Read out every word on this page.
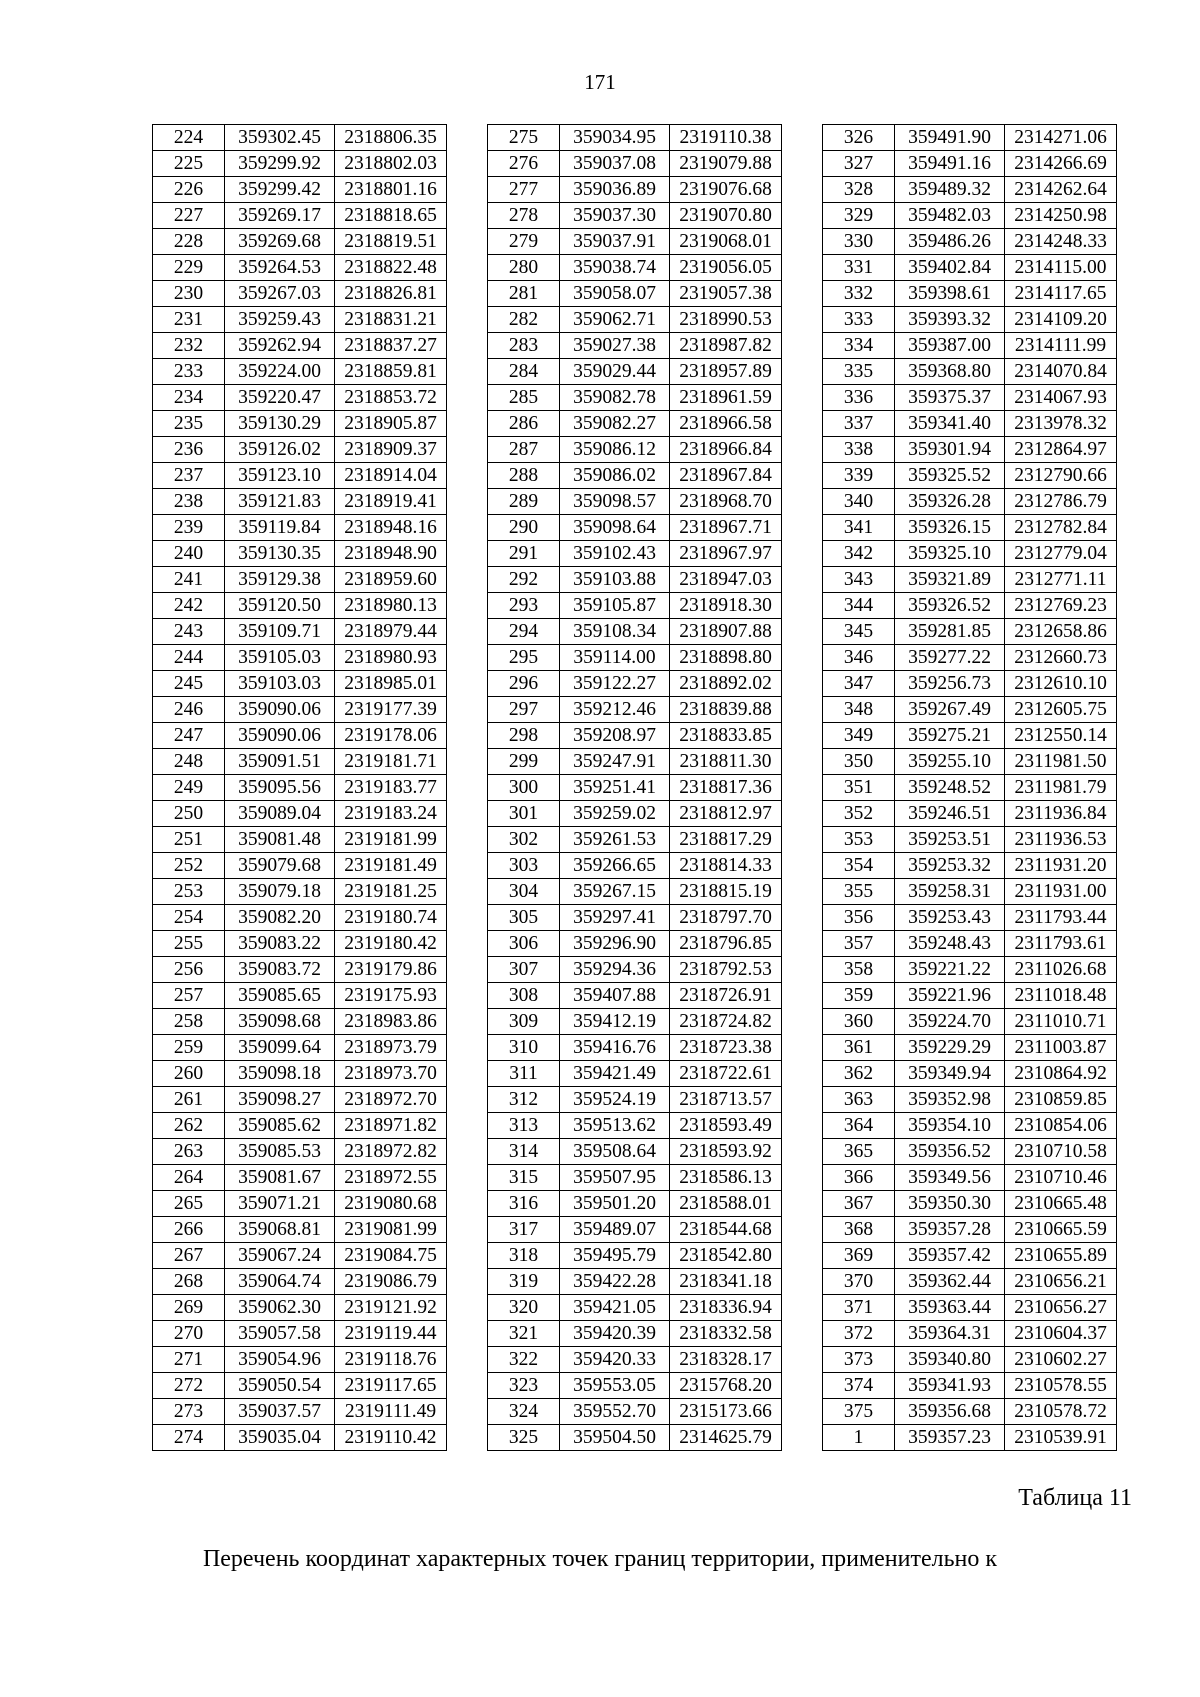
171
224	359302.45	2318806.35
225	359299.92	2318802.03
226	359299.42	2318801.16
227	359269.17	2318818.65
228	359269.68	2318819.51
229	359264.53	2318822.48
230	359267.03	2318826.81
231	359259.43	2318831.21
232	359262.94	2318837.27
233	359224.00	2318859.81
234	359220.47	2318853.72
235	359130.29	2318905.87
236	359126.02	2318909.37
237	359123.10	2318914.04
238	359121.83	2318919.41
239	359119.84	2318948.16
240	359130.35	2318948.90
241	359129.38	2318959.60
242	359120.50	2318980.13
243	359109.71	2318979.44
244	359105.03	2318980.93
245	359103.03	2318985.01
246	359090.06	2319177.39
247	359090.06	2319178.06
248	359091.51	2319181.71
249	359095.56	2319183.77
250	359089.04	2319183.24
251	359081.48	2319181.99
252	359079.68	2319181.49
253	359079.18	2319181.25
254	359082.20	2319180.74
255	359083.22	2319180.42
256	359083.72	2319179.86
257	359085.65	2319175.93
258	359098.68	2318983.86
259	359099.64	2318973.79
260	359098.18	2318973.70
261	359098.27	2318972.70
262	359085.62	2318971.82
263	359085.53	2318972.82
264	359081.67	2318972.55
265	359071.21	2319080.68
266	359068.81	2319081.99
267	359067.24	2319084.75
268	359064.74	2319086.79
269	359062.30	2319121.92
270	359057.58	2319119.44
271	359054.96	2319118.76
272	359050.54	2319117.65
273	359037.57	2319111.49
274	359035.04	2319110.42
275	359034.95	2319110.38
276	359037.08	2319079.88
277	359036.89	2319076.68
278	359037.30	2319070.80
279	359037.91	2319068.01
280	359038.74	2319056.05
281	359058.07	2319057.38
282	359062.71	2318990.53
283	359027.38	2318987.82
284	359029.44	2318957.89
285	359082.78	2318961.59
286	359082.27	2318966.58
287	359086.12	2318966.84
288	359086.02	2318967.84
289	359098.57	2318968.70
290	359098.64	2318967.71
291	359102.43	2318967.97
292	359103.88	2318947.03
293	359105.87	2318918.30
294	359108.34	2318907.88
295	359114.00	2318898.80
296	359122.27	2318892.02
297	359212.46	2318839.88
298	359208.97	2318833.85
299	359247.91	2318811.30
300	359251.41	2318817.36
301	359259.02	2318812.97
302	359261.53	2318817.29
303	359266.65	2318814.33
304	359267.15	2318815.19
305	359297.41	2318797.70
306	359296.90	2318796.85
307	359294.36	2318792.53
308	359407.88	2318726.91
309	359412.19	2318724.82
310	359416.76	2318723.38
311	359421.49	2318722.61
312	359524.19	2318713.57
313	359513.62	2318593.49
314	359508.64	2318593.92
315	359507.95	2318586.13
316	359501.20	2318588.01
317	359489.07	2318544.68
318	359495.79	2318542.80
319	359422.28	2318341.18
320	359421.05	2318336.94
321	359420.39	2318332.58
322	359420.33	2318328.17
323	359553.05	2315768.20
324	359552.70	2315173.66
325	359504.50	2314625.79
326	359491.90	2314271.06
327	359491.16	2314266.69
328	359489.32	2314262.64
329	359482.03	2314250.98
330	359486.26	2314248.33
331	359402.84	2314115.00
332	359398.61	2314117.65
333	359393.32	2314109.20
334	359387.00	2314111.99
335	359368.80	2314070.84
336	359375.37	2314067.93
337	359341.40	2313978.32
338	359301.94	2312864.97
339	359325.52	2312790.66
340	359326.28	2312786.79
341	359326.15	2312782.84
342	359325.10	2312779.04
343	359321.89	2312771.11
344	359326.52	2312769.23
345	359281.85	2312658.86
346	359277.22	2312660.73
347	359256.73	2312610.10
348	359267.49	2312605.75
349	359275.21	2312550.14
350	359255.10	2311981.50
351	359248.52	2311981.79
352	359246.51	2311936.84
353	359253.51	2311936.53
354	359253.32	2311931.20
355	359258.31	2311931.00
356	359253.43	2311793.44
357	359248.43	2311793.61
358	359221.22	2311026.68
359	359221.96	2311018.48
360	359224.70	2311010.71
361	359229.29	2311003.87
362	359349.94	2310864.92
363	359352.98	2310859.85
364	359354.10	2310854.06
365	359356.52	2310710.58
366	359349.56	2310710.46
367	359350.30	2310665.48
368	359357.28	2310665.59
369	359357.42	2310655.89
370	359362.44	2310656.21
371	359363.44	2310656.27
372	359364.31	2310604.37
373	359340.80	2310602.27
374	359341.93	2310578.55
375	359356.68	2310578.72
1	359357.23	2310539.91
Таблица 11
Перечень координат характерных точек границ территории, применительно к
